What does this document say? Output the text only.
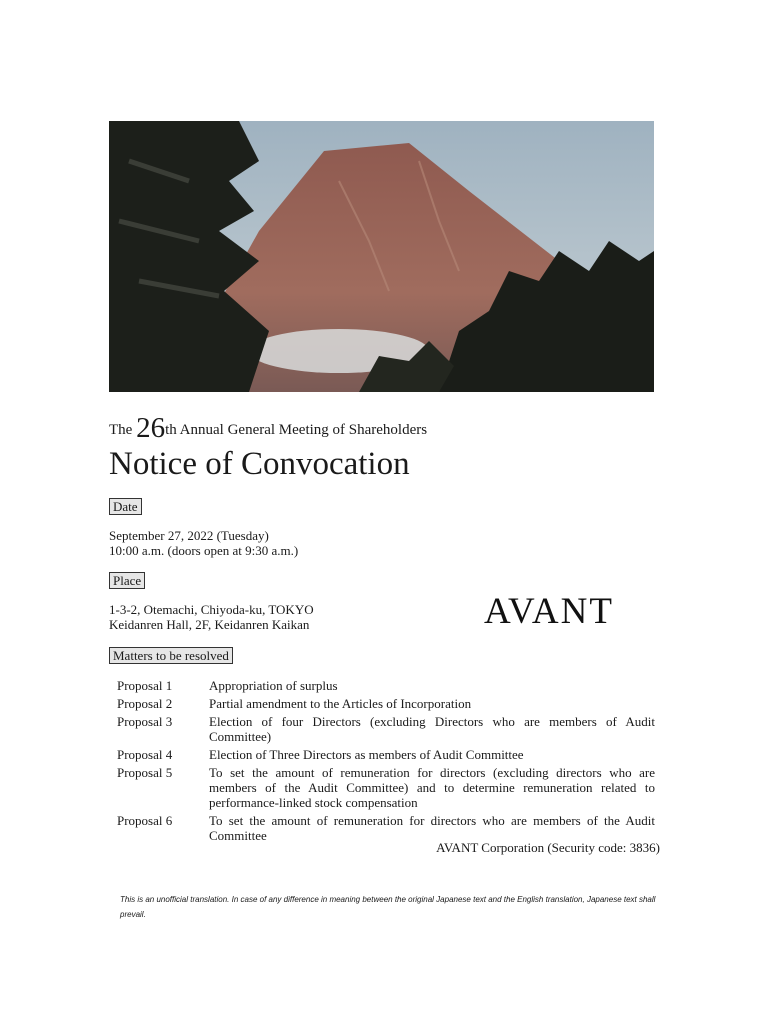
The 26th Annual General Meeting of Shareholders
Notice of Convocation
Date
September 27, 2022 (Tuesday)
10:00 a.m. (doors open at 9:30 a.m.)
Place
1-3-2, Otemachi, Chiyoda-ku, TOKYO
Keidanren Hall, 2F, Keidanren Kaikan	AVANT
Matters to be resolved
Proposal 1	Appropriation of surplus
Proposal 2	Partial amendment to the Articles of Incorporation
Proposal 3	Election of four Directors (excluding Directors who are members of Audit Committee)
Proposal 4	Election of Three Directors as members of Audit Committee
Proposal 5	To set the amount of remuneration for directors (excluding directors who are members of the Audit Committee) and to determine remuneration related to performance-linked stock compensation
Proposal 6	To set the amount of remuneration for directors who are members of the Audit Committee
AVANT Corporation (Security code: 3836)
This is an unofficial translation. In case of any difference in meaning between the original Japanese text and the English translation, Japanese text shall prevail.
